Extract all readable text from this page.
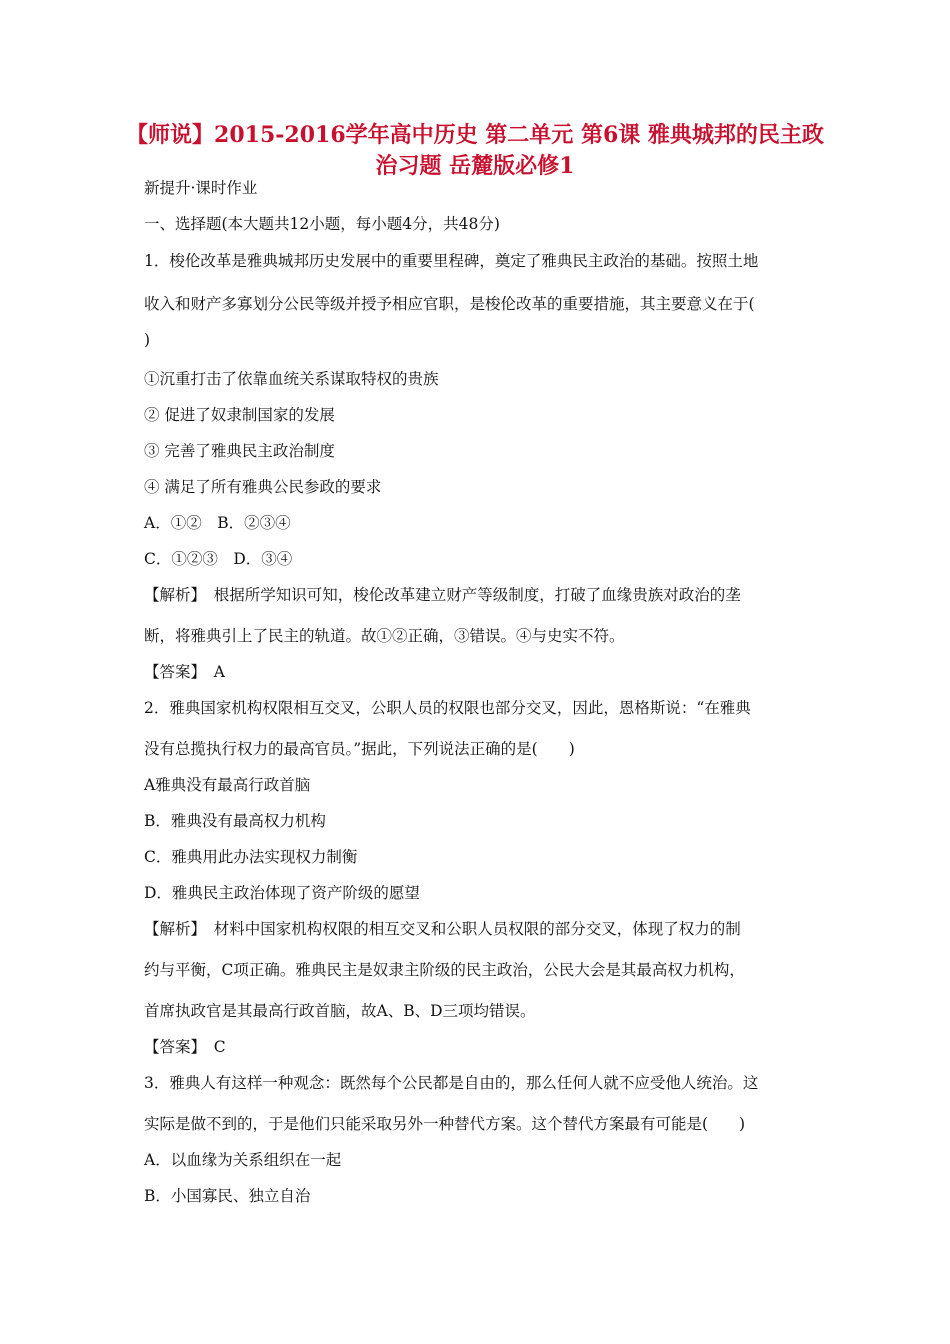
【师说】2015-2016学年高中历史 第二单元 第6课 雅典城邦的民主政治习题 岳麓版必修1
新提升·课时作业
一、选择题(本大题共12小题，每小题4分，共48分)
1．梭伦改革是雅典城邦历史发展中的重要里程碑，奠定了雅典民主政治的基础。按照土地
收入和财产多寡划分公民等级并授予相应官职，是梭伦改革的重要措施，其主要意义在于(
)
①沉重打击了依靠血统关系谋取特权的贵族
② 促进了奴隶制国家的发展
③ 完善了雅典民主政治制度
④ 满足了所有雅典公民参政的要求
A．①②　B．②③④
C．①②③　D．③④
【解析】　根据所学知识可知，梭伦改革建立财产等级制度，打破了血缘贵族对政治的垄
断，将雅典引上了民主的轨道。故①②正确，③错误。④与史实不符。
【答案】　A
2．雅典国家机构权限相互交叉，公职人员的权限也部分交叉，因此，恩格斯说：“在雅典
没有总揽执行权力的最高官员。”据此，下列说法正确的是(　　)
A雅典没有最高行政首脑
B．雅典没有最高权力机构
C．雅典用此办法实现权力制衡
D．雅典民主政治体现了资产阶级的愿望
【解析】　材料中国家机构权限的相互交叉和公职人员权限的部分交叉，体现了权力的制
约与平衡，C项正确。雅典民主是奴隶主阶级的民主政治，公民大会是其最高权力机构，
首席执政官是其最高行政首脑，故A、B、D三项均错误。
【答案】　C
3．雅典人有这样一种观念：既然每个公民都是自由的，那么任何人就不应受他人统治。这
实际是做不到的，于是他们只能采取另外一种替代方案。这个替代方案最有可能是(　　)
A．以血缘为关系组织在一起
B．小国寡民、独立自治
